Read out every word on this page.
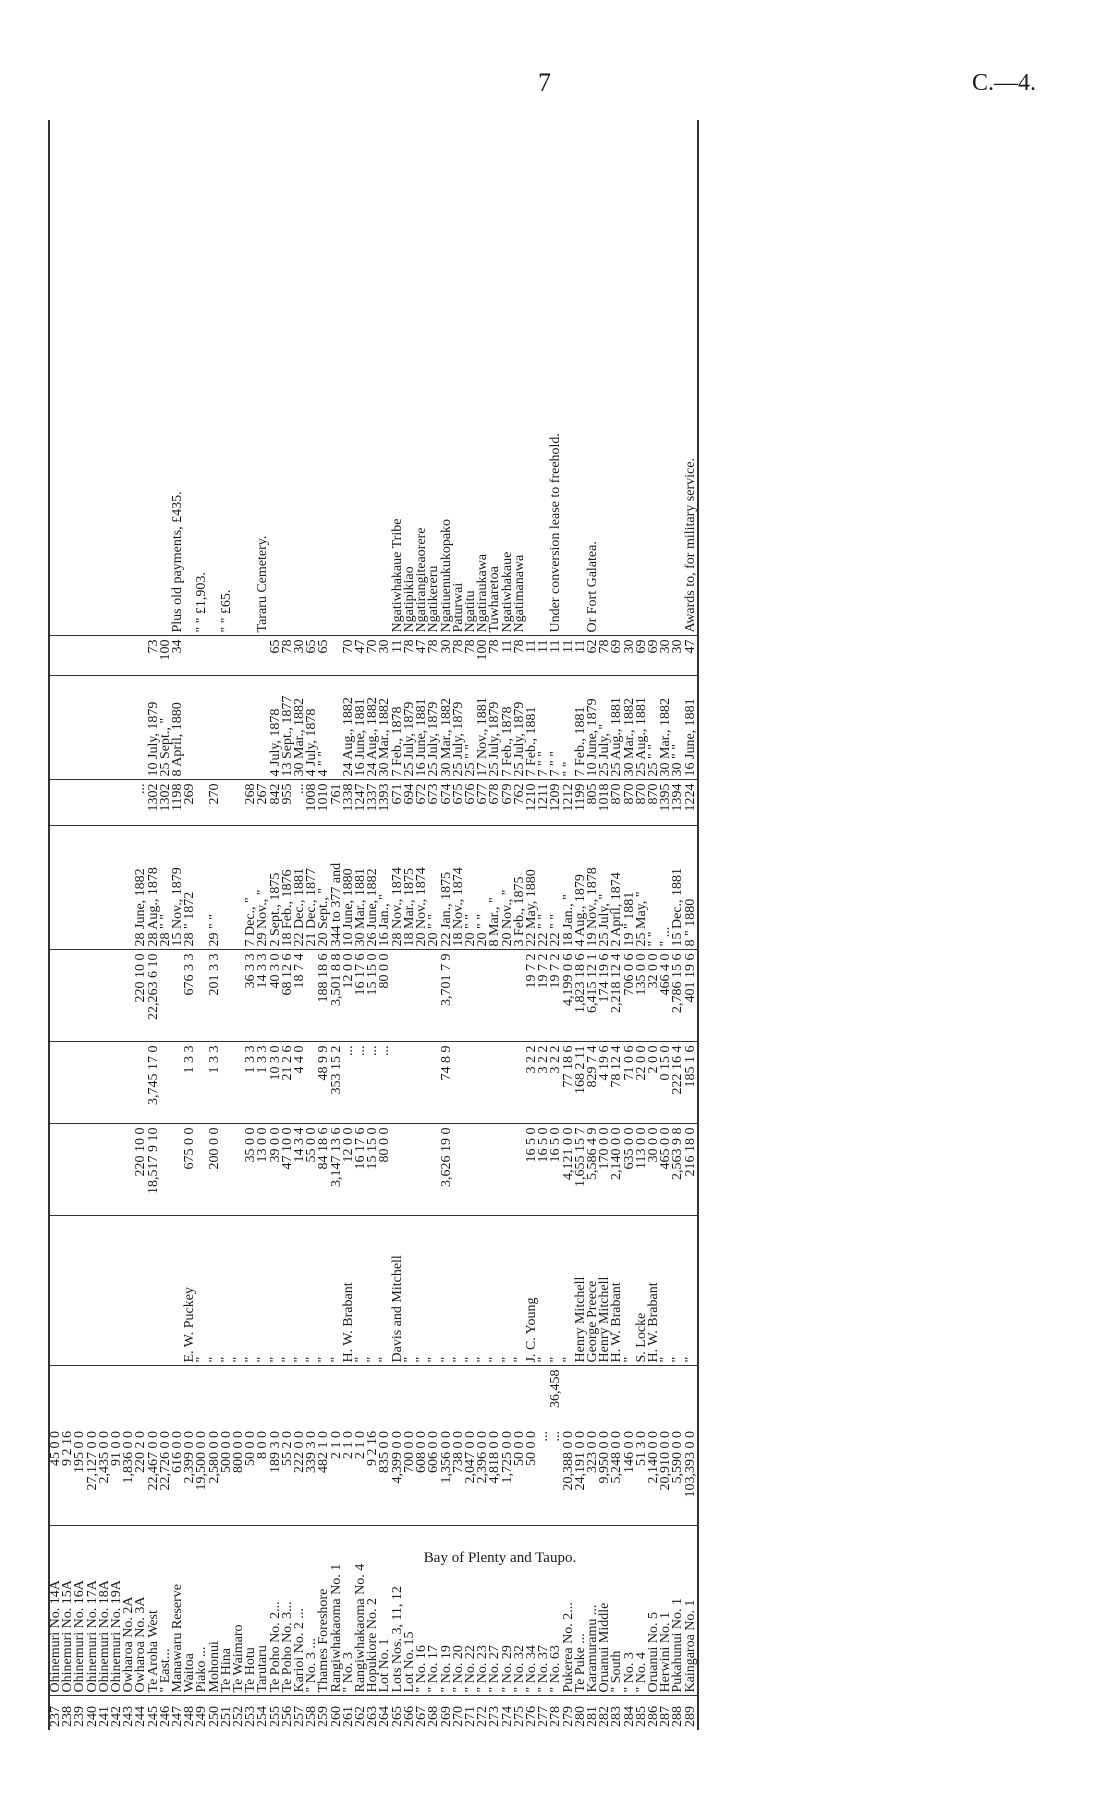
7	C.—4.
237	Ohinemuri No. 14A	45 0 0										
238	Ohinemuri No. 15A	9 2 16										
239	Ohinemuri No. 16A	195 0 0										
240	Ohinemuri No. 17A	27,127 0 0										
241	Ohinemuri No. 18A	2,435 0 0										
242	Ohinemuri No. 19A	91 0 0										
243	Owharoa No. 2A	1,836 0 0										
244	Owharoa No. 3A	220 2 0			220 10 0		220 10 0	28 June, 1882	...			
245	Te Aroha West	22,467 0 0			18,517 9 10	3,745 17 0	22,263 6 10	28 Aug., 1878	1302	10 July, 1879	73	
246	" East...	22,726 0 0						28 " "	1302	25 Sept., "	100	
247	Manawaru Reserve	616 0 0						15 Nov., 1879	1198	8 April, 1880	34	Plus old payments, £435.
248	Waitoa	2,399 0 0		E. W. Puckey	675 0 0	1 3 3	676 3 3	28 " 1872	269			
249	Piako ...	19,500 0 0		"								" " £1,903.
250	Mohonui	2,580 0 0		"	200 0 0	1 3 3	201 3 3	29 " "	270			
251	Te Hina	500 0 0		"								" " £65.
252	Te Waimaro	800 0 0		"								
253	Te Hotu	50 0 0		"	35 0 0	1 3 3	36 3 3	7 Dec., "	268			
254	Tarutaru	8 0 0		"	13 0 0	1 3 3	14 3 3	29 Nov., "	267			Tararu Cemetery.
255	Te Poho No. 2...	189 3 0		"	39 0 0	10 3 0	40 3 0	2 Sept., 1875	842	4 July, 1878	65	
256	Te Poho No. 3...	55 2 0		"	47 10 0	21 2 6	68 12 6	18 Feb., 1876	955	13 Sept., 1877	78	
257	Karioi No. 2 ...	222 0 0		"	14 3 4	4 4 0	18 7 4	22 Dec., 1881	...	30 Mar., 1882	30	
258	" No. 3 ...	339 3 0		"	55 0 0			21 Dec., 1877	1008	4 July, 1878	65	
259	Thames Foreshore	482 1 0		"	84 18 6	48 9 9	188 18 6	20 Sept., "	1010	4 " "	65	
260	Rangiwhakaoma No. 1	2 1 0		"	3,147 13 6	353 15 2	3,501 8 8	344 to 377 and	761			
261	" No. 3	2 1 0		H. W. Brabant	12 0 0	...	12 0 0	10 June, 1880	1338	24 Aug., 1882	70	
262	Rangiwhakaoma No. 4	2 1 0		"	16 17 6	...	16 17 6	30 Mar., 1881	1247	16 June, 1881	47	
263	Hopukiore No. 2	9 2 16		"	15 15 0	...	15 15 0	26 June, 1882	1337	24 Aug., 1882	70	
264	Lot No. 1	835 0 0		"	80 0 0	...	80 0 0	16 Jan., "	1393	30 Mar., 1882	30	
265	Lots Nos. 3, 11, 12	4,399 0 0		Davis and Mitchell				28 Nov., 1874	671	7 Feb., 1878	11	Ngatiwhakaue Tribe
266	Lot No. 15	700 0 0		"				18 Mar., 1875	694	25 July, 1879	78	Ngatipikiao
267	" No. 16	608 0 0		"				20 Nov., 1874	672	16 June, 1881	47	Ngatirangiteaorere
268	" No. 17	606 0 0		"				20 " "	673	25 July, 1879	78	Ngatikereru
269	" No. 19	1,356 0 0		"	3,626 19 0	74 8 9	3,701 7 9	22 Jan., 1875	674	30 Mar., 1882	30	Ngatiuenukukopako
270	" No. 20	738 0 0		"				18 Nov., 1874	675	25 July, 1879	78	Paturwai
271	" No. 22	2,047 0 0		"				20 " "	676	25 " "	78	Ngatitu
272	" No. 23	2,396 0 0		"				20 " "	677	17 Nov., 1881	100	Ngatiraukawa
273	" No. 27	4,818 0 0		"				8 Mar., "	678	25 July, 1879	78	Tuwharetoa
274	" No. 29	1,725 0 0		"				20 Nov., "	679	7 Feb., 1878	11	Ngatiwhakaue
275	" No. 32	50 0 0		"				3 Feb., 1875	762	25 July, 1879	78	Ngatimanawa
276	" No. 34	50 0 0		J. C. Young	16 5 0	3 2 2	19 7 2	22 May, 1880	1210	7 Feb., 1881	11	
277	" No. 37	...		"	16 5 0	3 2 2	19 7 2	22 " "	1211	7 " "	11	
278	" No. 63	...	36,458	"	16 5 0	3 2 2	19 7 2	22 " "	1209	7 " "	11	Under conversion lease to freehold.
279	Pukerea No. 2...	20,388 0 0		"	4,121 0 0	77 18 6	4,199 0 6	18 Jan., "	1212	" "	11	
280	Te Puke ...	24,191 0 0		Henry Mitchell	1,655 15 7	168 2 11	1,823 18 6	4 Aug., 1879	1199	7 Feb., 1881	11	
281	Karamuramu ...	323 0 0		George Preece	5,586 4 9	829 7 4	6,415 12 1	19 Nov., 1878	805	10 June, 1879	62	Or Fort Galatea.
282	Oruanui Middle	9,950 0 0		Henry Mitchell	170 0 0	4 19 6	174 19 6	25 July, "	1018	25 July, "	78	
283	" South	5,248 0 0		H. W. Brabant	2,140 0 0	78 12 4	2,218 12 4	2 April, 1874	870	25 Aug., 1881	69	
284	" No. 3	146 0 0		"	635 0 0	71 0 6	706 0 6	19 " 1881	870	30 Mar., 1882	30	
285	" No. 4	51 3 0		S. Locke	113 0 0	22 0 0	135 0 0	25 May, "	870	25 Aug., 1881	69	
286	Oruanui No. 5	2,140 0 0		H. W. Brabant	30 0 0	2 0 0	32 0 0	" "	870	25 " "	69	
287	Herwini No. 1	20,910 0 0		"	465 0 0	0 15 0	466 4 0	" ...	1395	30 Mar., 1882	30	
288	Pukahunui No. 1	5,590 0 0		"	2,563 9 8	222 16 4	2,786 15 6	15 Dec., 1881	1394	30 " "	30	
289	Kaingaroa No. 1	103,393 0 0		"	216 18 0	185 1 6	401 19 6	8 " 1880	1224	16 June, 1881	47	Awards to, for military service.
Bay of Plenty and Taupo.
